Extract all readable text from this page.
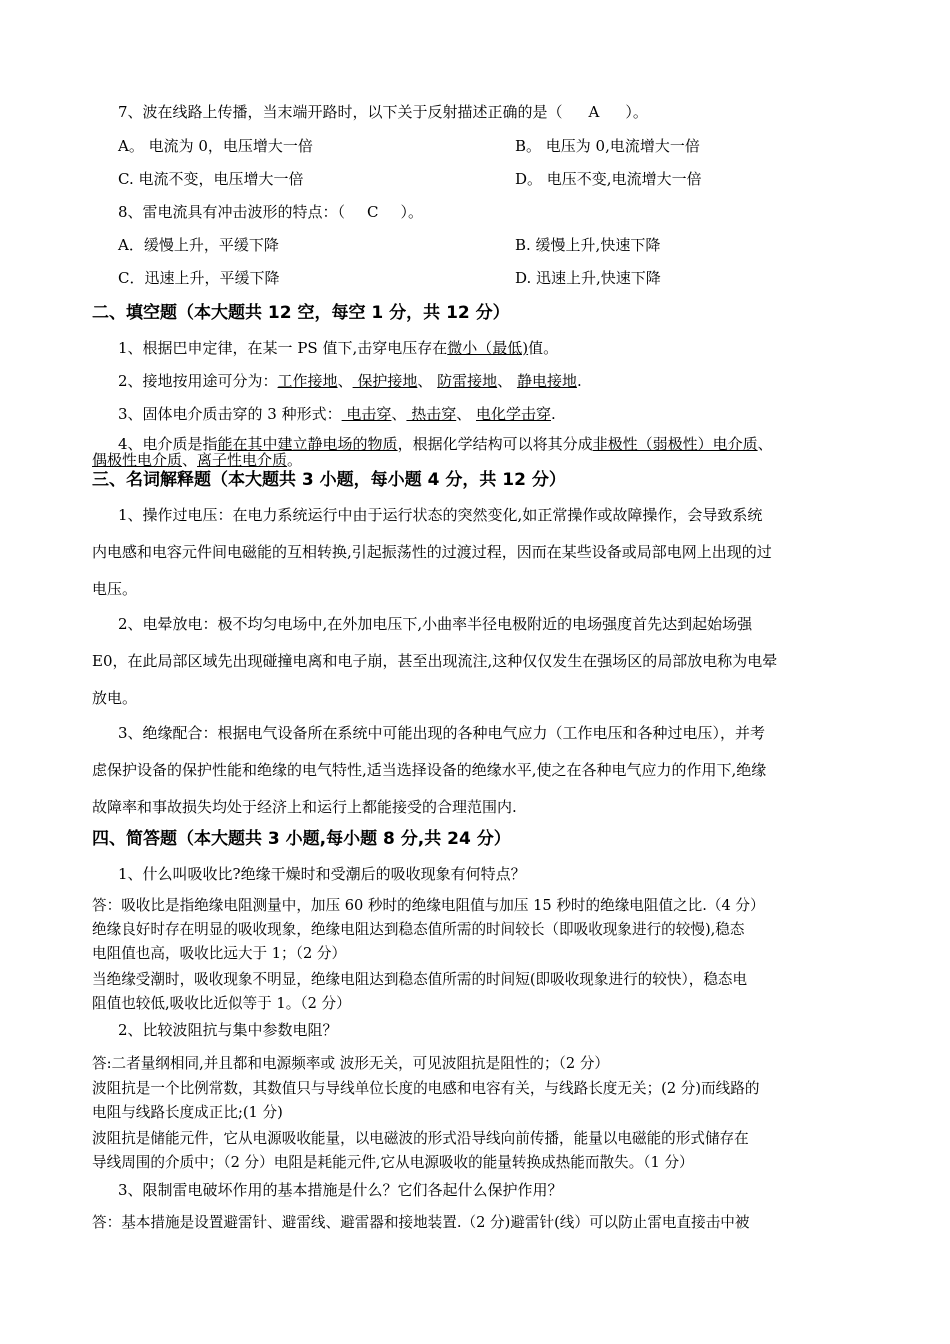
7、波在线路上传播，当末端开路时，以下关于反射描述正确的是（ A ）。
A。 电流为 0，电压增大一倍	B。 电压为 0,电流增大一倍
C. 电流不变，电压增大一倍	D。 电压不变,电流增大一倍
8、雷电流具有冲击波形的特点：（ C ）。
A．缓慢上升，平缓下降	B. 缓慢上升,快速下降
C．迅速上升，平缓下降	D. 迅速上升,快速下降
二、填空题（本大题共 12 空，每空 1 分，共 12 分）
1、根据巴申定律，在某一 PS 值下,击穿电压存在微小（最低)值。
2、接地按用途可分为：工作接地、 保护接地、 防雷接地、 静电接地.
3、固体电介质击穿的 3 种形式： 电击穿、 热击穿、 电化学击穿.
4、电介质是指能在其中建立静电场的物质，根据化学结构可以将其分成非极性（弱极性）电介质、
偶极性电介质、离子性电介质。
三、名词解释题（本大题共 3 小题，每小题 4 分，共 12 分）
1、操作过电压：在电力系统运行中由于运行状态的突然变化,如正常操作或故障操作，会导致系统
内电感和电容元件间电磁能的互相转换,引起振荡性的过渡过程，因而在某些设备或局部电网上出现的过
电压。
2、电晕放电：极不均匀电场中,在外加电压下,小曲率半径电极附近的电场强度首先达到起始场强
E0，在此局部区域先出现碰撞电离和电子崩，甚至出现流注,这种仅仅发生在强场区的局部放电称为电晕
放电。
3、绝缘配合：根据电气设备所在系统中可能出现的各种电气应力（工作电压和各种过电压），并考
虑保护设备的保护性能和绝缘的电气特性,适当选择设备的绝缘水平,使之在各种电气应力的作用下,绝缘
故障率和事故损失均处于经济上和运行上都能接受的合理范围内.
四、简答题（本大题共 3 小题,每小题 8 分,共 24 分）
1、什么叫吸收比?绝缘干燥时和受潮后的吸收现象有何特点？
答：吸收比是指绝缘电阻测量中，加压 60 秒时的绝缘电阻值与加压 15 秒时的绝缘电阻值之比.（4 分）
绝缘良好时存在明显的吸收现象，绝缘电阻达到稳态值所需的时间较长（即吸收现象进行的较慢),稳态
电阻值也高，吸收比远大于 1；（2 分）
当绝缘受潮时，吸收现象不明显，绝缘电阻达到稳态值所需的时间短(即吸收现象进行的较快），稳态电
阻值也较低,吸收比近似等于 1。（2 分）
2、比较波阻抗与集中参数电阻？
答:二者量纲相同,并且都和电源频率或 波形无关，可见波阻抗是阻性的；（2 分）
波阻抗是一个比例常数，其数值只与导线单位长度的电感和电容有关，与线路长度无关；(2 分)而线路的
电阻与线路长度成正比;(1 分)
波阻抗是储能元件，它从电源吸收能量，以电磁波的形式沿导线向前传播，能量以电磁能的形式储存在
导线周围的介质中；（2 分）电阻是耗能元件,它从电源吸收的能量转换成热能而散失。（1 分）
3、限制雷电破坏作用的基本措施是什么？它们各起什么保护作用？
答：基本措施是设置避雷针、避雷线、避雷器和接地装置.（2 分)避雷针(线）可以防止雷电直接击中被
